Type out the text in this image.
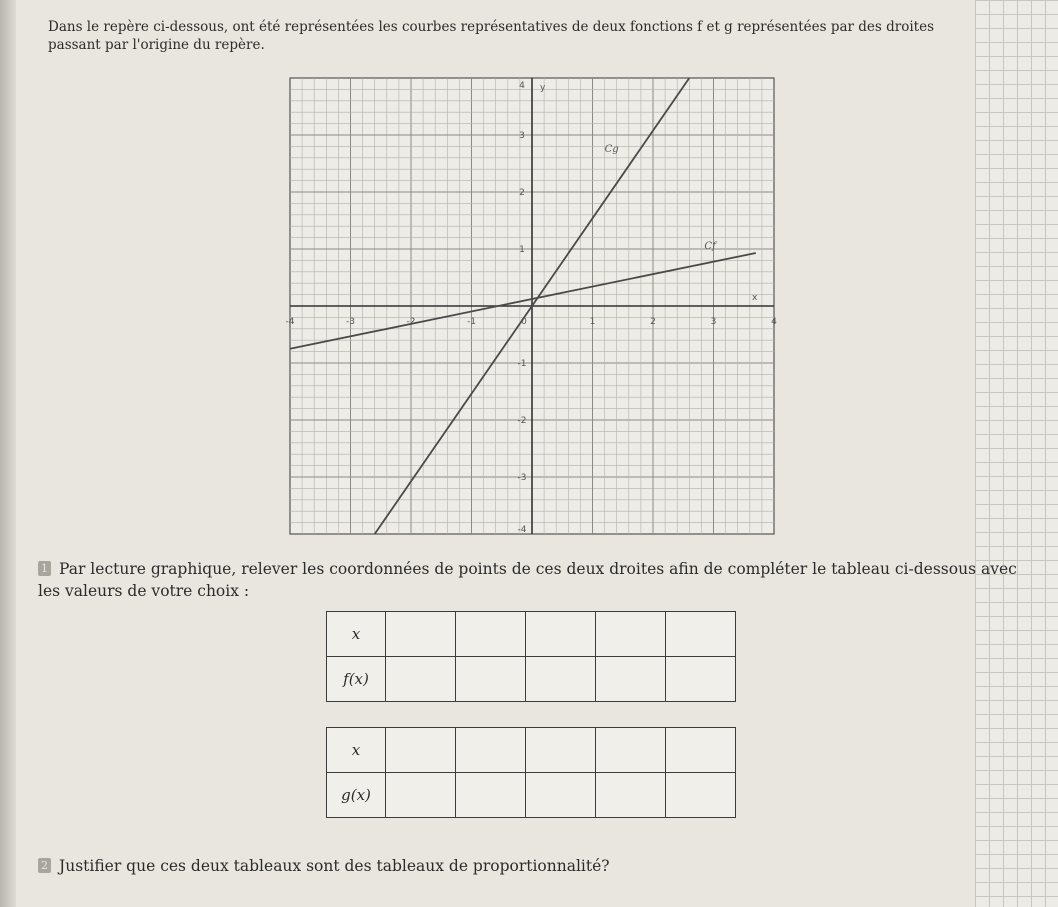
Dans le repère ci-dessous, ont été représentées les courbes représentatives de deux fonctions f et g représentées par des droites passant par l'origine du repère.
-4	-3	-2	-1	0	1	2	3	4
4
3
2
1
-1
-2
-3
-4
y
x
Cg
Cf
1 Par lecture graphique, relever les coordonnées de points de ces deux droites afin de compléter le tableau ci-dessous avec les valeurs de votre choix :
x					
f(x)					
x					
g(x)					
2 Justifier que ces deux tableaux sont des tableaux de proportionnalité?
